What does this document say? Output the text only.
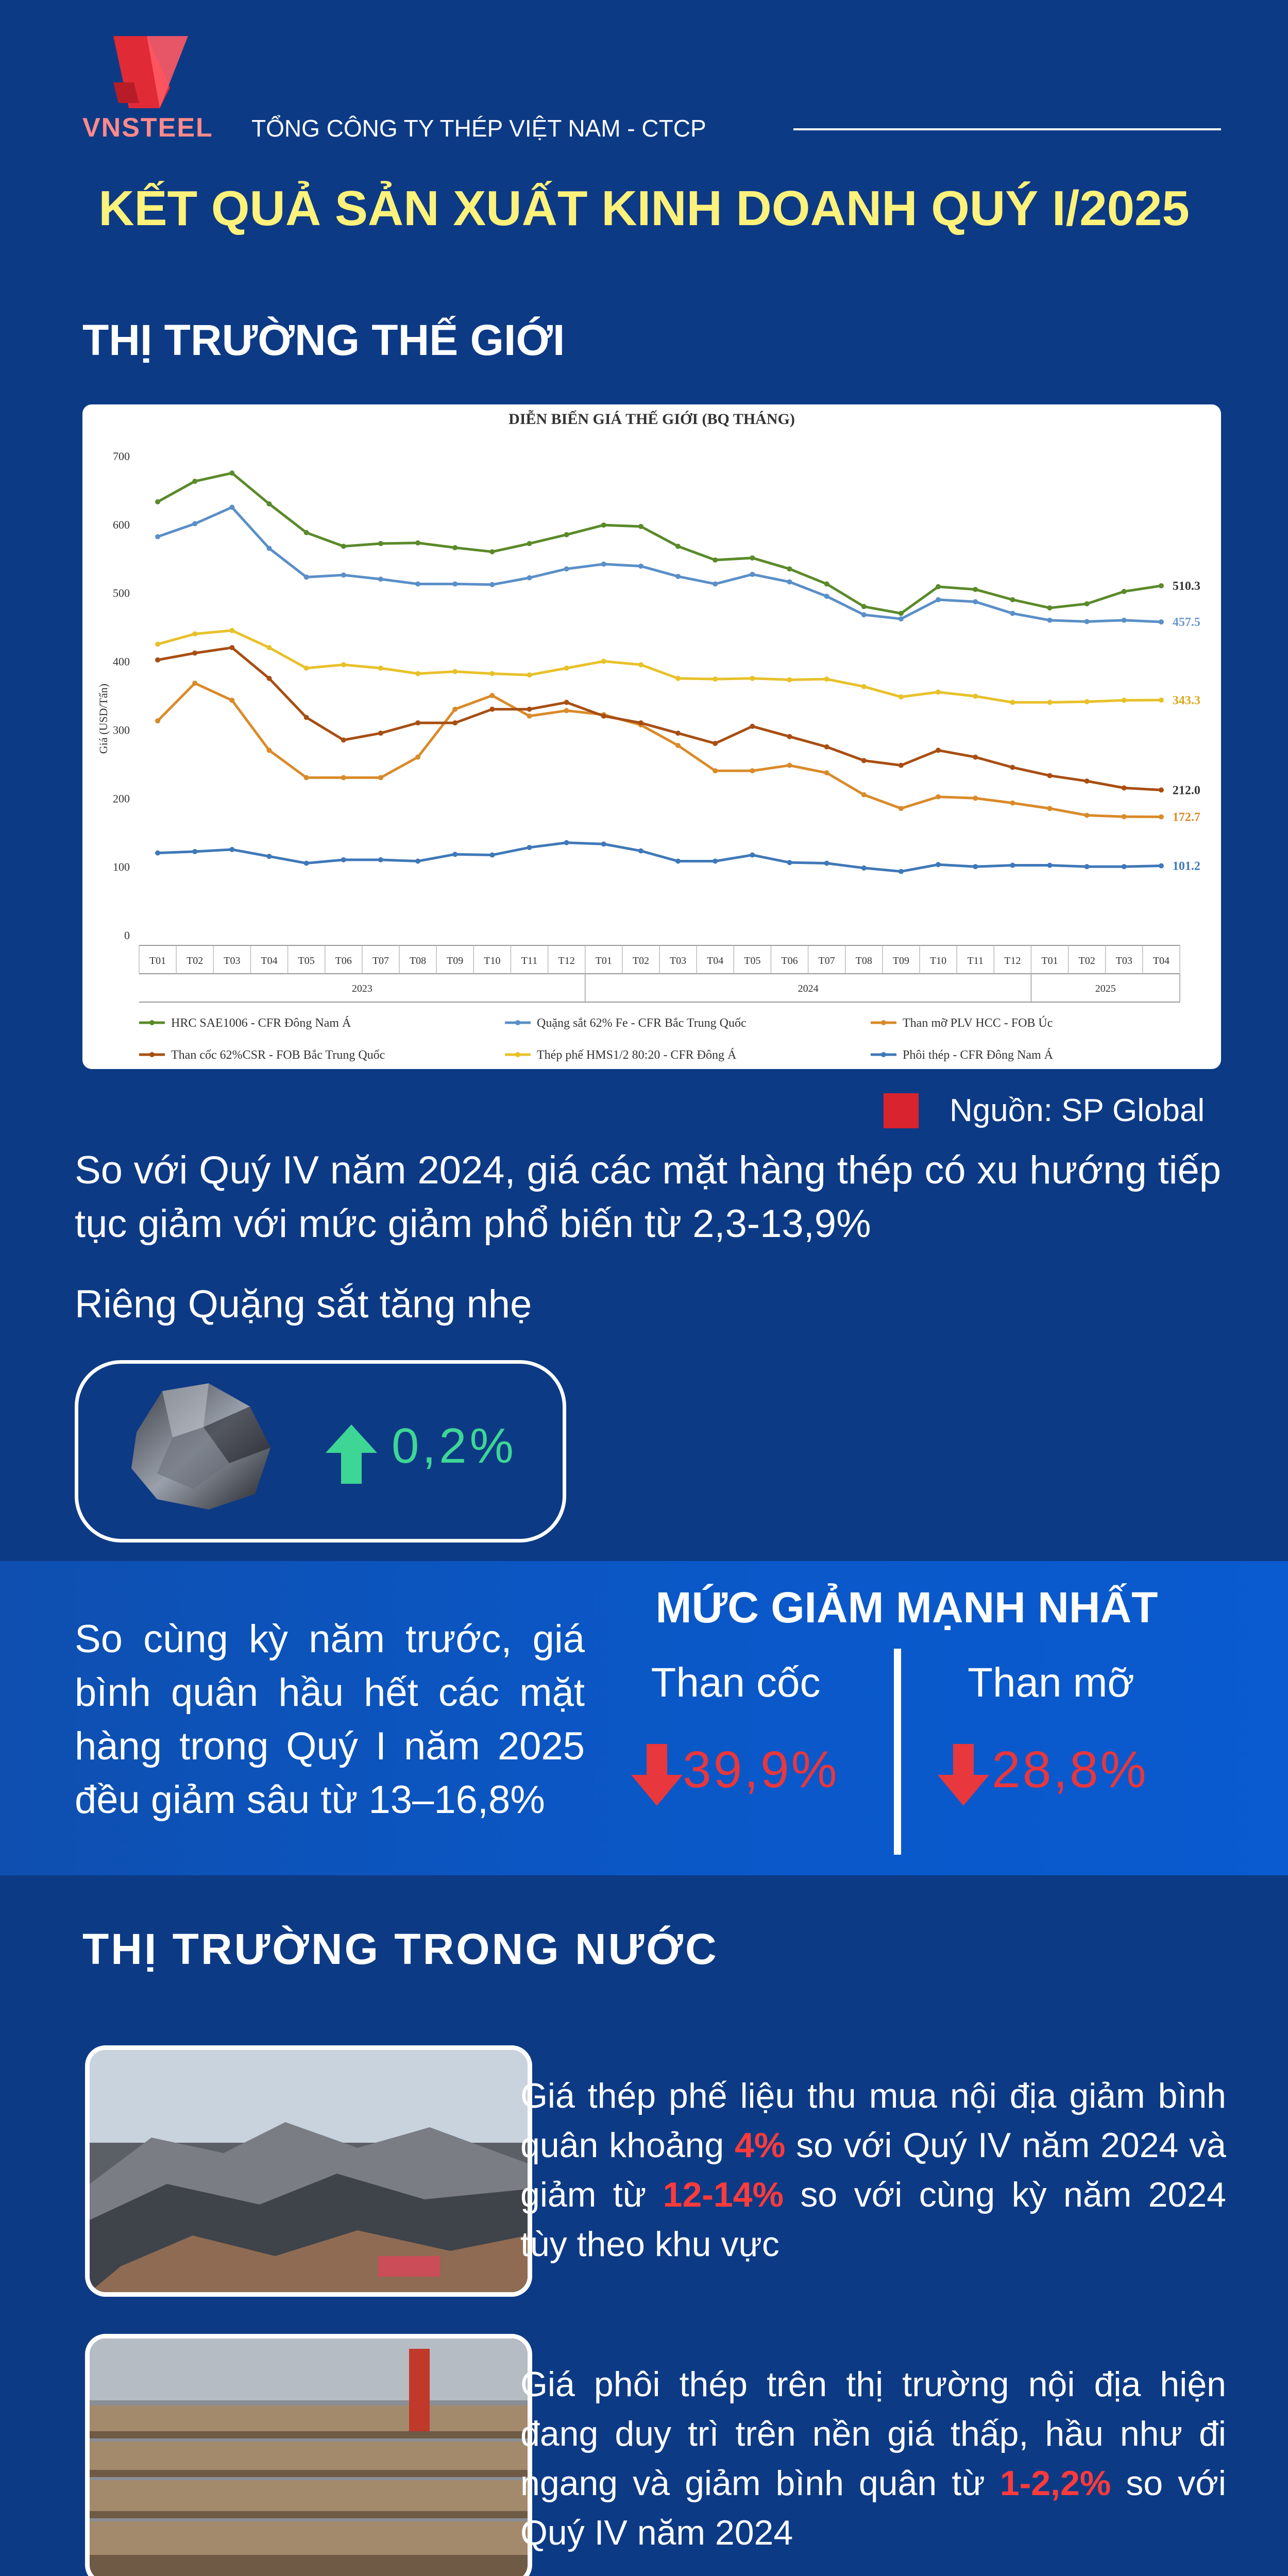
VNSTEEL TỔNG CÔNG TY THÉP VIỆT NAM - CTCP
KẾT QUẢ SẢN XUẤT KINH DOANH QUÝ I/2025
THỊ TRƯỜNG THẾ GIỚI
DIỄN BIẾN GIÁ THẾ GIỚI (BQ THÁNG)
Giá (USD/Tấn)
0
100
200
300
400
500
600
700
T01 T02 T03 T04 T05 T06 T07 T08 T09 T10 T11 T12 T01 T02 T03 T04 T05 T06 T07 T08 T09 T10 T11 T12 T01 T02 T03 T04
2023	2024	2025
510.3
457.5
212.0
343.3
172.7
101.2
HRC SAE1006 - CFR Đông Nam Á	Quặng sắt 62% Fe - CFR Bắc Trung Quốc	Than mỡ PLV HCC - FOB Úc
Than cốc 62%CSR - FOB Bắc Trung Quốc	Thép phế HMS1/2 80:20 - CFR Đông Á	Phôi thép - CFR Đông Nam Á
Nguồn: SP Global
So với Quý IV năm 2024, giá các mặt hàng thép có xu hướng tiếp tục giảm với mức giảm phổ biến từ 2,3-13,9%
Riêng Quặng sắt tăng nhẹ
0,2%
So cùng kỳ năm trước, giá bình quân hầu hết các mặt hàng trong Quý I năm 2025 đều giảm sâu từ 13–16,8%
MỨC GIẢM MẠNH NHẤT
Than cốc	Than mỡ
39,9%	28,8%
THỊ TRƯỜNG TRONG NƯỚC
Giá thép phế liệu thu mua nội địa giảm bình quân khoảng 4% so với Quý IV năm 2024 và giảm từ 12-14% so với cùng kỳ năm 2024 tùy theo khu vực
Giá phôi thép trên thị trường nội địa hiện đang duy trì trên nền giá thấp, hầu như đi ngang và giảm bình quân từ 1-2,2% so với Quý IV năm 2024
